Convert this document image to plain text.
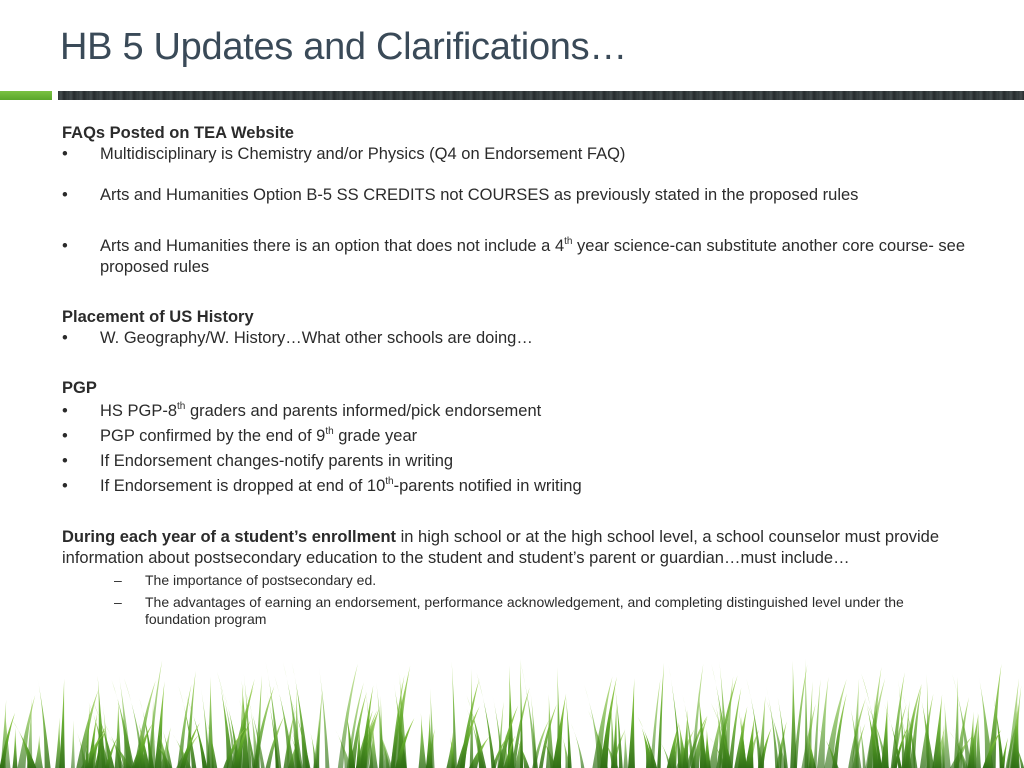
HB 5 Updates and Clarifications…
FAQs Posted on TEA Website
•	Multidisciplinary is Chemistry and/or Physics (Q4 on Endorsement FAQ)
•	Arts and Humanities Option B-5 SS CREDITS not COURSES as previously stated in the proposed rules
•	Arts and Humanities there is an option that does not include a 4th year science-can substitute another core course- see proposed rules
Placement of US History
•	W. Geography/W. History…What other schools are doing…
PGP
•	HS PGP-8th graders and parents informed/pick endorsement
•	PGP confirmed by the end of 9th grade year
•	If Endorsement changes-notify parents in writing
•	If Endorsement is dropped at end of 10th-parents notified in writing
During each year of a student’s enrollment in high school or at the high school level, a school counselor must provide information about postsecondary education to the student and student’s parent or guardian…must include…
– The importance of postsecondary ed.
– The advantages of earning an endorsement, performance acknowledgement, and completing distinguished level under the foundation program
